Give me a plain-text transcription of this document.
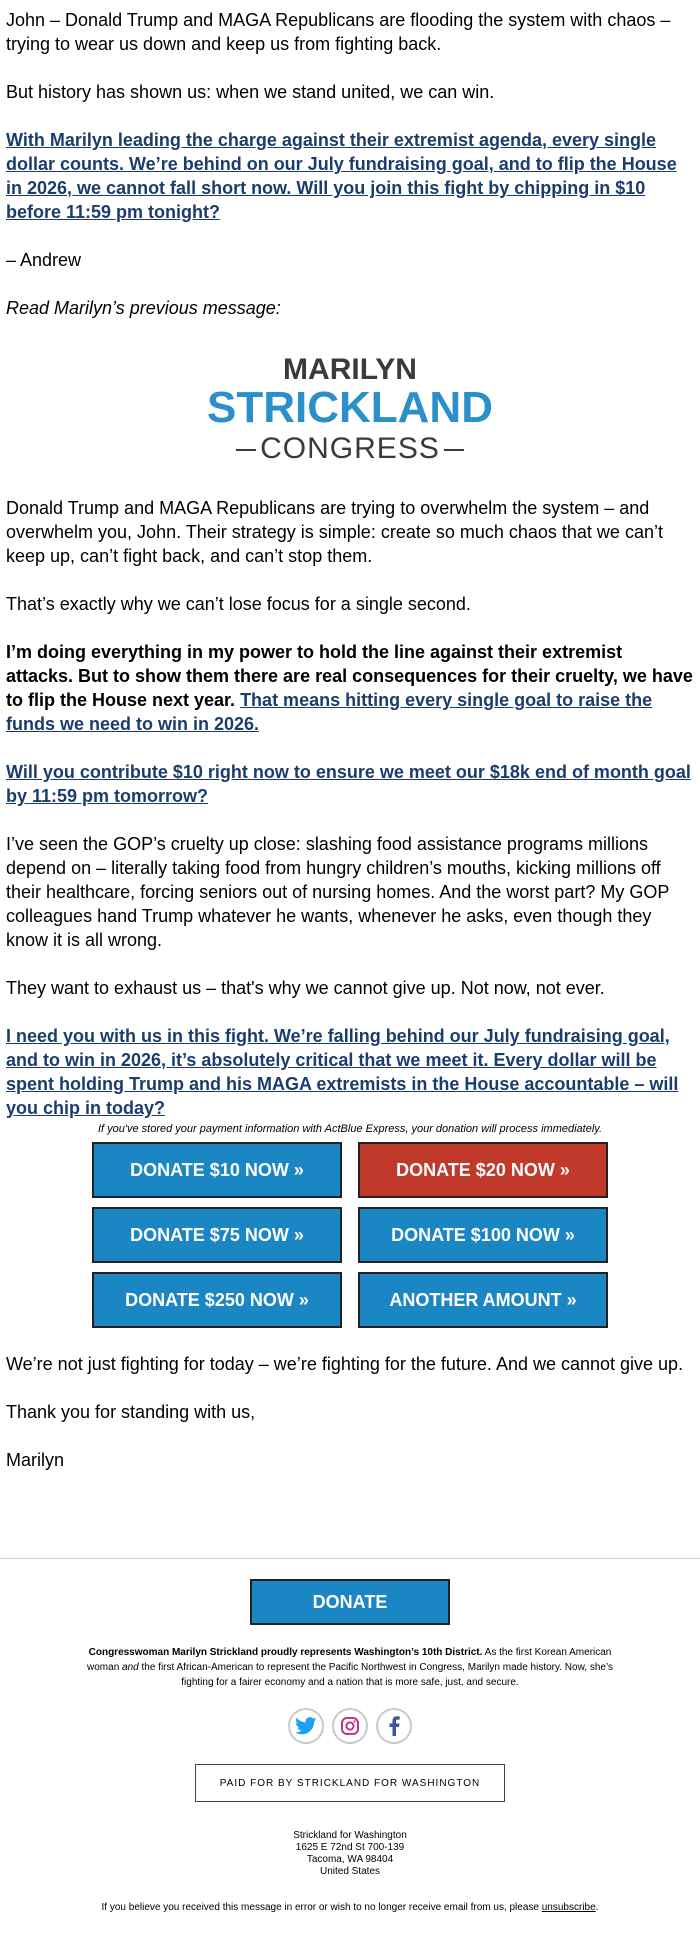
John – Donald Trump and MAGA Republicans are flooding the system with chaos – trying to wear us down and keep us from fighting back.

But history has shown us: when we stand united, we can win.

With Marilyn leading the charge against their extremist agenda, every single dollar counts. We’re behind on our July fundraising goal, and to flip the House in 2026, we cannot fall short now. Will you join this fight by chipping in $10 before 11:59 pm tonight?

– Andrew

Read Marilyn’s previous message:

MARILYN
STRICKLAND
CONGRESS

Donald Trump and MAGA Republicans are trying to overwhelm the system – and overwhelm you, John. Their strategy is simple: create so much chaos that we can’t keep up, can’t fight back, and can’t stop them.

That’s exactly why we can’t lose focus for a single second.

I’m doing everything in my power to hold the line against their extremist attacks. But to show them there are real consequences for their cruelty, we have to flip the House next year. That means hitting every single goal to raise the funds we need to win in 2026.

Will you contribute $10 right now to ensure we meet our $18k end of month goal by 11:59 pm tomorrow?

I’ve seen the GOP’s cruelty up close: slashing food assistance programs millions depend on – literally taking food from hungry children’s mouths, kicking millions off their healthcare, forcing seniors out of nursing homes. And the worst part? My GOP colleagues hand Trump whatever he wants, whenever he asks, even though they know it is all wrong.

They want to exhaust us – that's why we cannot give up. Not now, not ever.

I need you with us in this fight. We’re falling behind our July fundraising goal, and to win in 2026, it’s absolutely critical that we meet it. Every dollar will be spent holding Trump and his MAGA extremists in the House accountable – will you chip in today?

If you've stored your payment information with ActBlue Express, your donation will process immediately.
DONATE $10 NOW »	DONATE $20 NOW »
DONATE $75 NOW »	DONATE $100 NOW »
DONATE $250 NOW »	ANOTHER AMOUNT »

We’re not just fighting for today – we’re fighting for the future. And we cannot give up.

Thank you for standing with us,

Marilyn

DONATE
Congresswoman Marilyn Strickland proudly represents Washington’s 10th District. As the first Korean American woman and the first African-American to represent the Pacific Northwest in Congress, Marilyn made history. Now, she’s fighting for a fairer economy and a nation that is more safe, just, and secure.
PAID FOR BY STRICKLAND FOR WASHINGTON
Strickland for Washington
1625 E 72nd St 700-139
Tacoma, WA 98404
United States
If you believe you received this message in error or wish to no longer receive email from us, please unsubscribe.
